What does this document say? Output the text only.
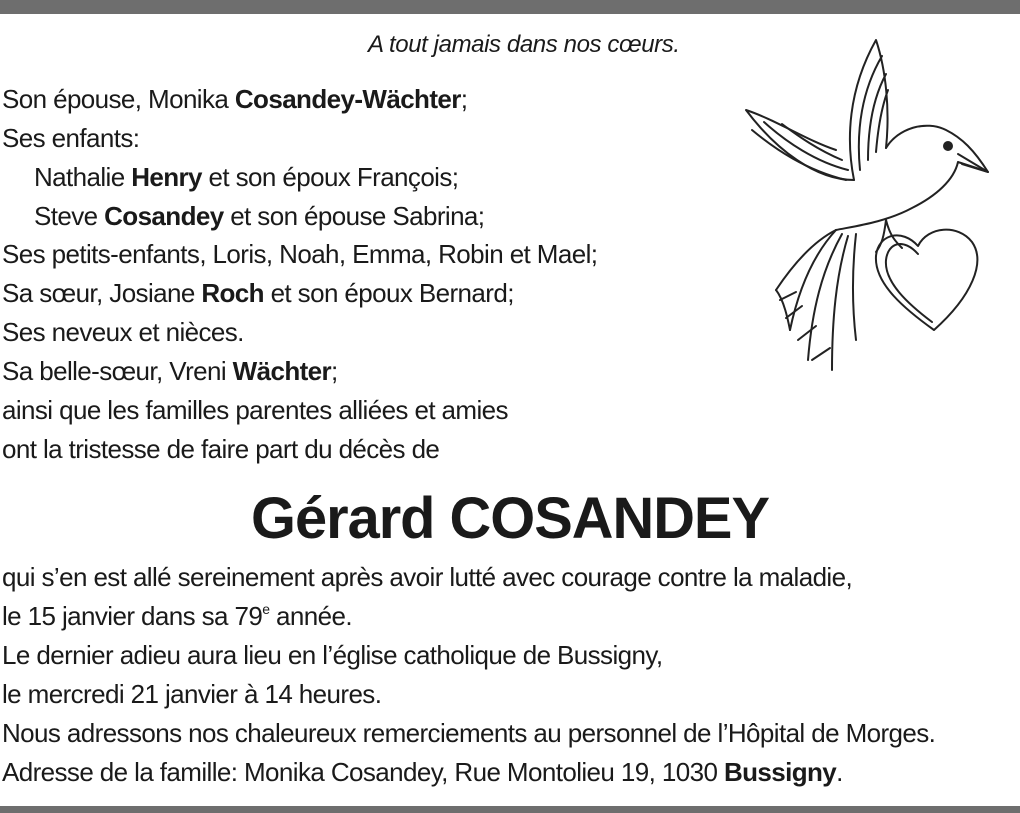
A tout jamais dans nos cœurs.

Son épouse, Monika Cosandey-Wächter;

Ses enfants:

Nathalie Henry et son époux François;

Steve Cosandey et son épouse Sabrina;

Ses petits-enfants, Loris, Noah, Emma, Robin et Mael;

Sa sœur, Josiane Roch et son époux Bernard;

Ses neveux et nièces.

Sa belle-sœur, Vreni Wächter;

ainsi que les familles parentes alliées et amies

ont la tristesse de faire part du décès de

Gérard COSANDEY

qui s’en est allé sereinement après avoir lutté avec courage contre la maladie,

le 15 janvier dans sa 79e année.

Le dernier adieu aura lieu en l’église catholique de Bussigny,

le mercredi 21 janvier à 14 heures.

Nous adressons nos chaleureux remerciements au personnel de l’Hôpital de Morges.

Adresse de la famille: Monika Cosandey, Rue Montolieu 19, 1030 Bussigny.
